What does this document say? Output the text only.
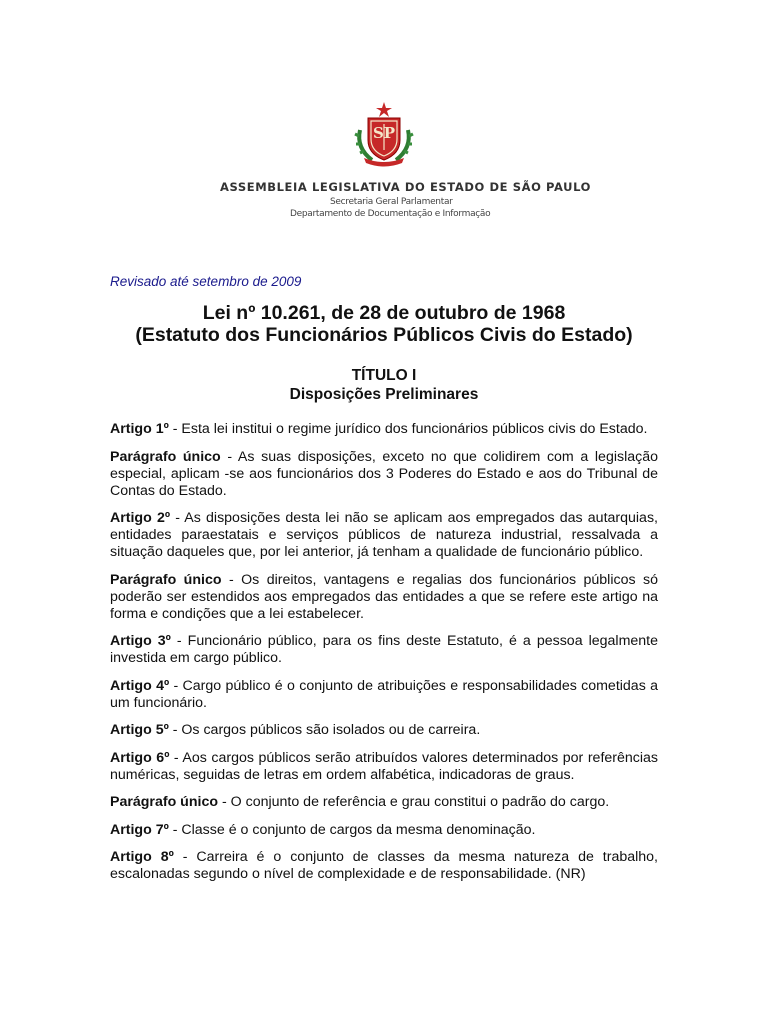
SP
ASSEMBLEIA LEGISLATIVA DO ESTADO DE SÃO PAULO
Secretaria Geral Parlamentar
Departamento de Documentação e Informação
Revisado até setembro de 2009
Lei nº 10.261, de 28 de outubro de 1968
(Estatuto dos Funcionários Públicos Civis do Estado)
TÍTULO I
Disposições Preliminares

Artigo 1º - Esta lei institui o regime jurídico dos funcionários públicos civis do Estado.

Parágrafo único - As suas disposições, exceto no que colidirem com a legislação especial, aplicam -se aos funcionários dos 3 Poderes do Estado e aos do Tribunal de Contas do Estado.

Artigo 2º - As disposições desta lei não se aplicam aos empregados das autarquias, entidades paraestatais e serviços públicos de natureza industrial, ressalvada a situação daqueles que, por lei anterior, já tenham a qualidade de funcionário público.

Parágrafo único - Os direitos, vantagens e regalias dos funcionários públicos só poderão ser estendidos aos empregados das entidades a que se refere este artigo na forma e condições que a lei estabelecer.

Artigo 3º - Funcionário público, para os fins deste Estatuto, é a pessoa legalmente investida em cargo público.

Artigo 4º - Cargo público é o conjunto de atribuições e responsabilidades cometidas a um funcionário.

Artigo 5º - Os cargos públicos são isolados ou de carreira.

Artigo 6º - Aos cargos públicos serão atribuídos valores determinados por referências numéricas, seguidas de letras em ordem alfabética, indicadoras de graus.

Parágrafo único - O conjunto de referência e grau constitui o padrão do cargo.

Artigo 7º - Classe é o conjunto de cargos da mesma denominação.

Artigo 8º - Carreira é o conjunto de classes da mesma natureza de trabalho, escalonadas segundo o nível de complexidade e de responsabilidade. (NR)
